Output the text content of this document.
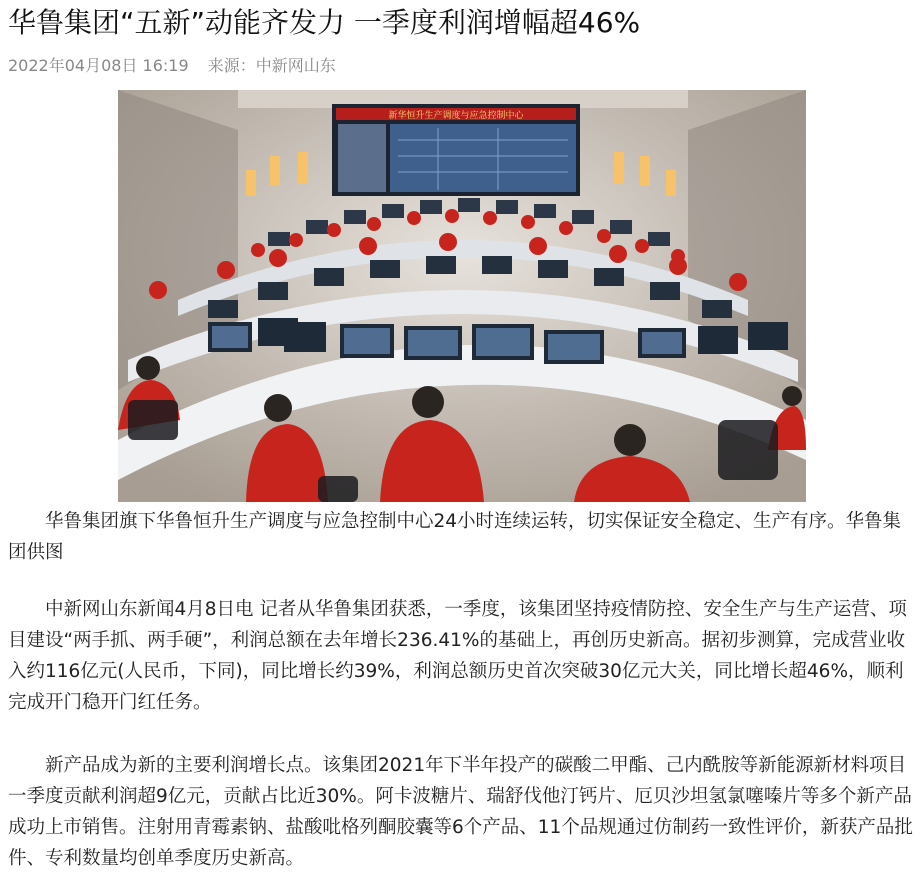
华鲁集团“五新”动能齐发力 一季度利润增幅超46%
2022年04月08日 16:19 来源：中新网山东
新华恒升生产调度与应急控制中心

　　华鲁集团旗下华鲁恒升生产调度与应急控制中心24小时连续运转，切实保证安全稳定、生产有序。华鲁集团供图

　　中新网山东新闻4月8日电 记者从华鲁集团获悉，一季度，该集团坚持疫情防控、安全生产与生产运营、项目建设“两手抓、两手硬”，利润总额在去年增长236.41%的基础上，再创历史新高。据初步测算，完成营业收入约116亿元(人民币，下同)，同比增长约39%，利润总额历史首次突破30亿元大关，同比增长超46%，顺利完成开门稳开门红任务。

　　新产品成为新的主要利润增长点。该集团2021年下半年投产的碳酸二甲酯、己内酰胺等新能源新材料项目一季度贡献利润超9亿元，贡献占比近30%。阿卡波糖片、瑞舒伐他汀钙片、厄贝沙坦氢氯噻嗪片等多个新产品成功上市销售。注射用青霉素钠、盐酸吡格列酮胶囊等6个产品、11个品规通过仿制药一致性评价，新获产品批件、专利数量均创单季度历史新高。
